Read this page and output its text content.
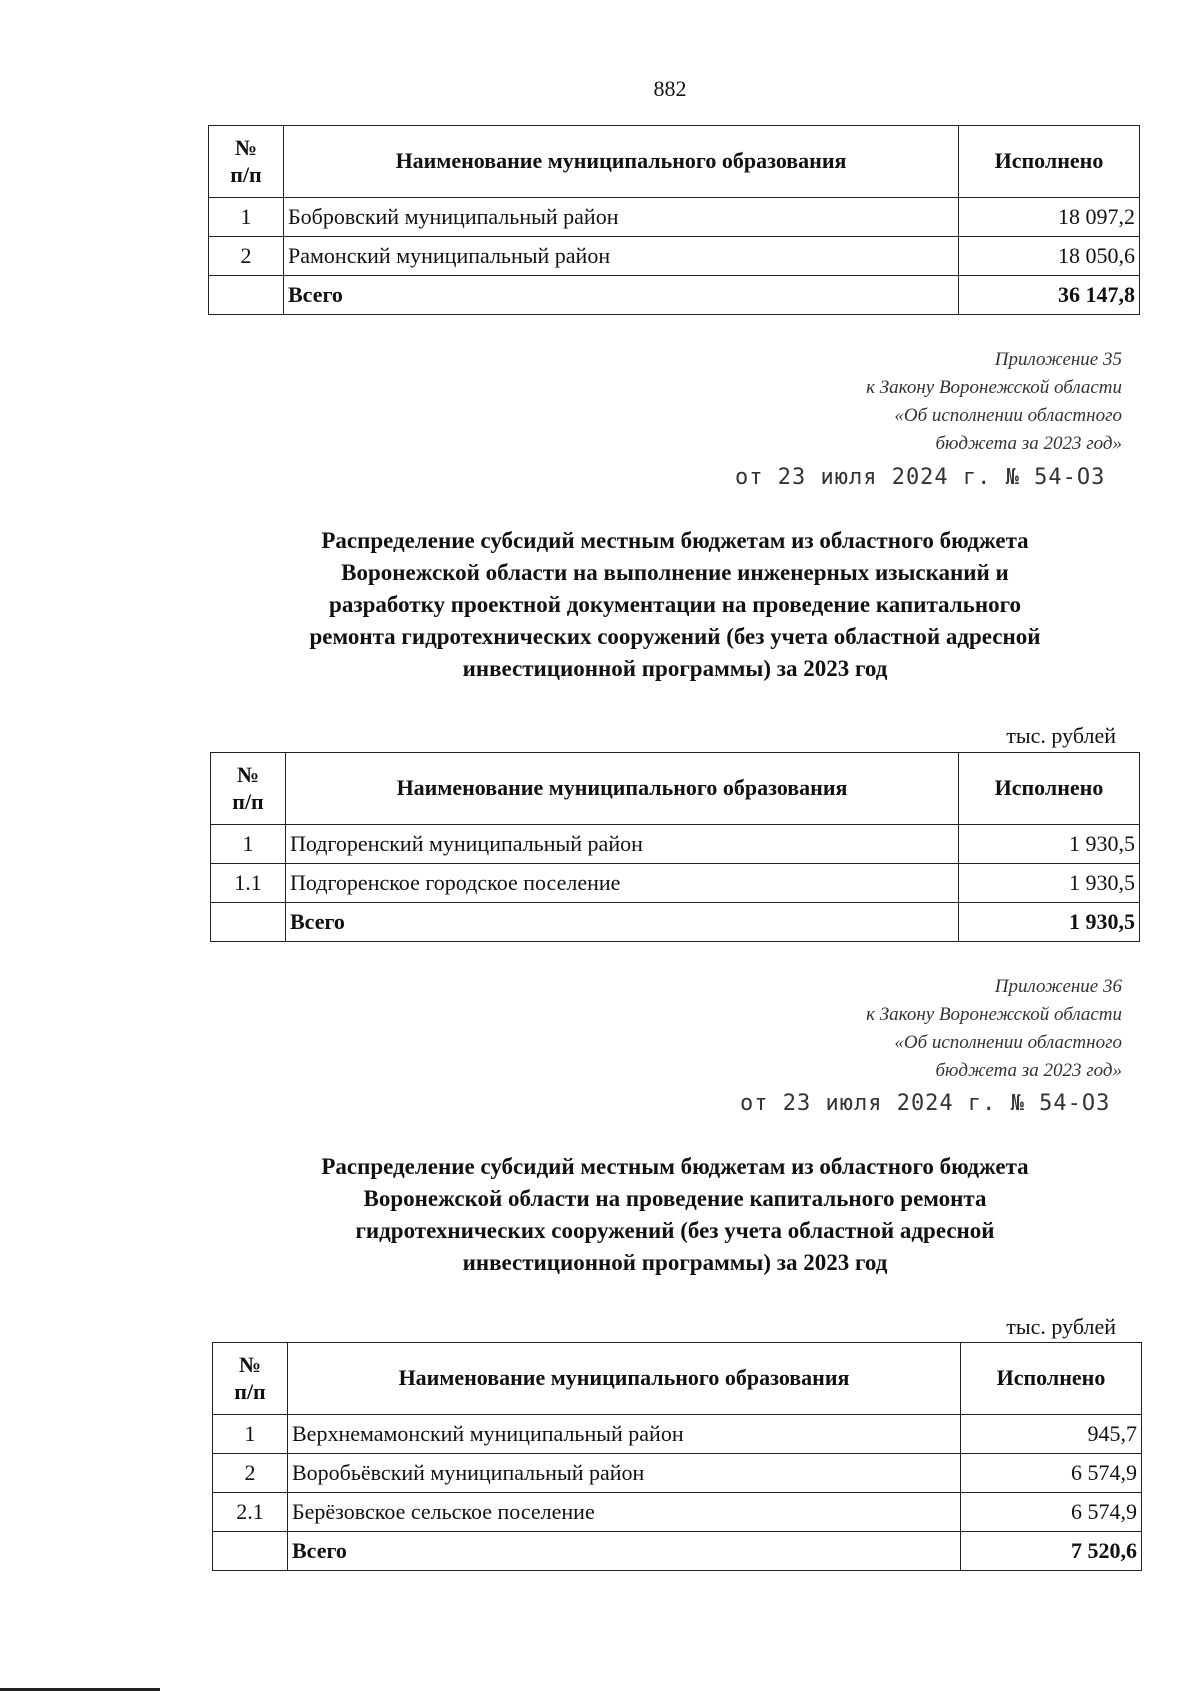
882
№
п/п	Наименование муниципального образования	Исполнено
1	Бобровский муниципальный район	18 097,2
2	Рамонский муниципальный район	18 050,6
	Всего	36 147,8
Приложение 35
к Закону Воронежской области
«Об исполнении областного
бюджета за 2023 год»
от 23 июля 2024 г. № 54-ОЗ
Распределение субсидий местным бюджетам из областного бюджета
Воронежской области на выполнение инженерных изысканий и
разработку проектной документации на проведение капитального
ремонта гидротехнических сооружений (без учета областной адресной
инвестиционной программы) за 2023 год
тыс. рублей
№
п/п	Наименование муниципального образования	Исполнено
1	Подгоренский муниципальный район	1 930,5
1.1	Подгоренское городское поселение	1 930,5
	Всего	1 930,5
Приложение 36
к Закону Воронежской области
«Об исполнении областного
бюджета за 2023 год»
от 23 июля 2024 г. № 54-ОЗ
Распределение субсидий местным бюджетам из областного бюджета
Воронежской области на проведение капитального ремонта
гидротехнических сооружений (без учета областной адресной
инвестиционной программы) за 2023 год
тыс. рублей
№
п/п	Наименование муниципального образования	Исполнено
1	Верхнемамонский муниципальный район	945,7
2	Воробьёвский муниципальный район	6 574,9
2.1	Берёзовское сельское поселение	6 574,9
	Всего	7 520,6
